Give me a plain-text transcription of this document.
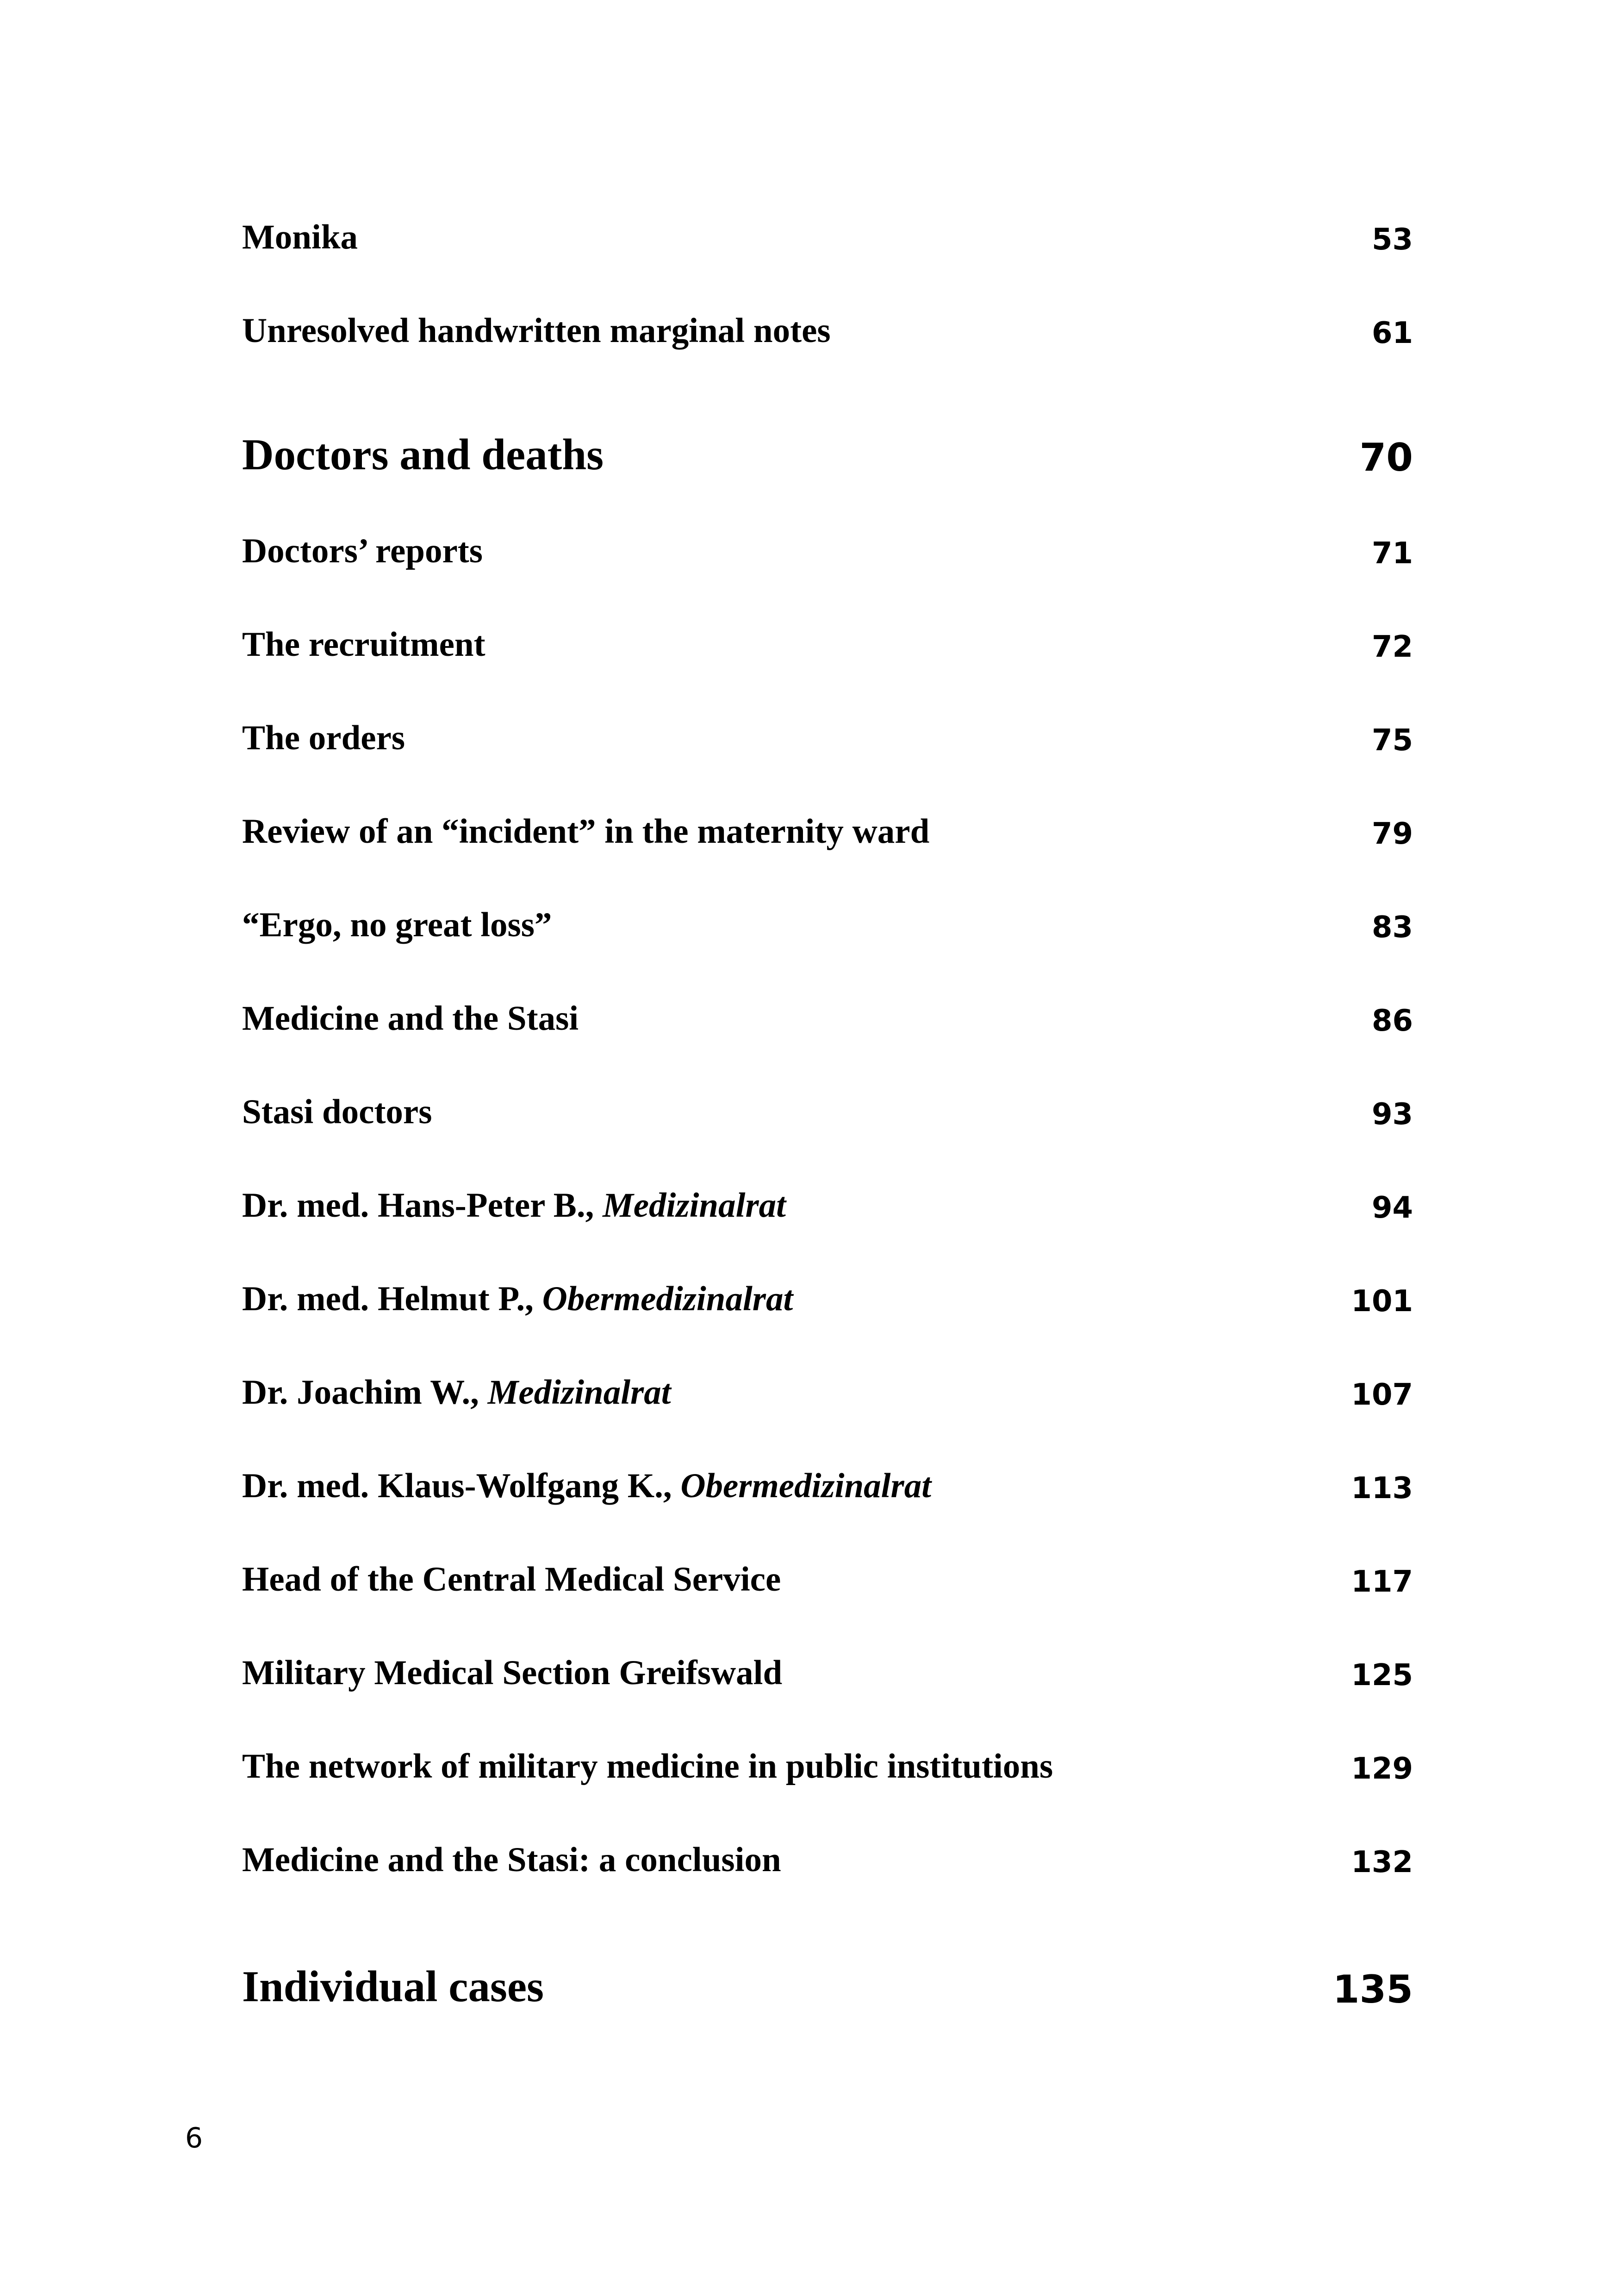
Monika	53
Unresolved handwritten marginal notes	61
Doctors and deaths	70
Doctors’ reports	71
The recruitment	72
The orders	75
Review of an “incident” in the maternity ward	79
“Ergo, no great loss”	83
Medicine and the Stasi	86
Stasi doctors	93
Dr. med. Hans-Peter B., Medizinalrat	94
Dr. med. Helmut P., Obermedizinalrat	101
Dr. Joachim W., Medizinalrat	107
Dr. med. Klaus-Wolfgang K., Obermedizinalrat	113
Head of the Central Medical Service	117
Military Medical Section Greifswald	125
The network of military medicine in public institutions	129
Medicine and the Stasi: a conclusion	132
Individual cases	135
6
